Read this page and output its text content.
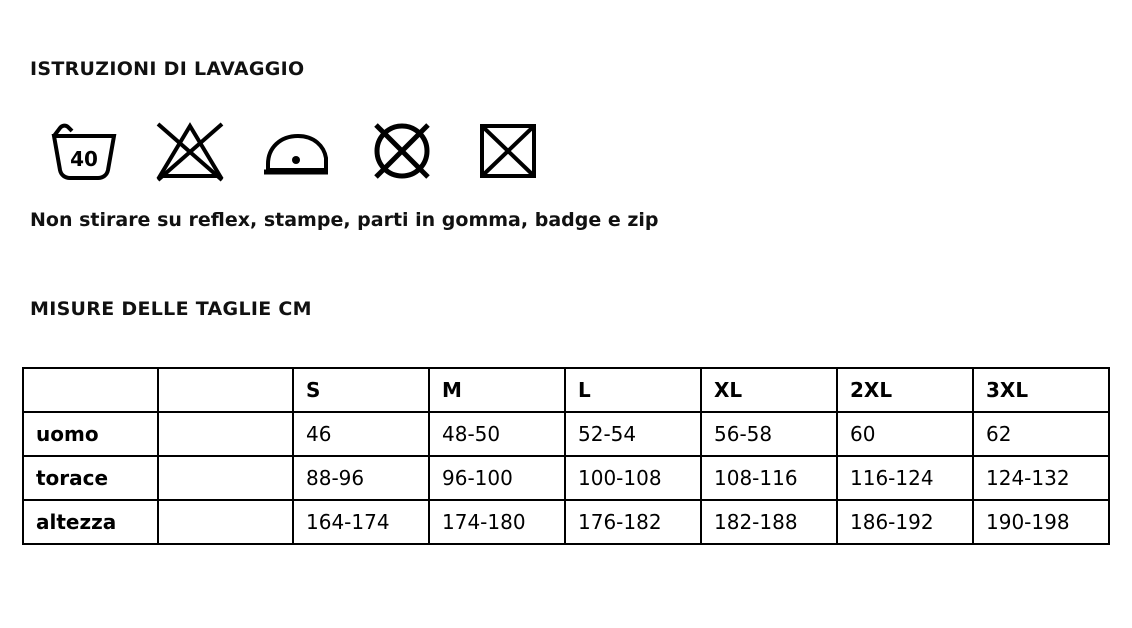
ISTRUZIONI DI LAVAGGIO
40
Non stirare su reflex, stampe, parti in gomma, badge e zip
MISURE DELLE TAGLIE CM
		S	M	L	XL	2XL	3XL
uomo		46	48-50	52-54	56-58	60	62
torace		88-96	96-100	100-108	108-116	116-124	124-132
altezza		164-174	174-180	176-182	182-188	186-192	190-198
